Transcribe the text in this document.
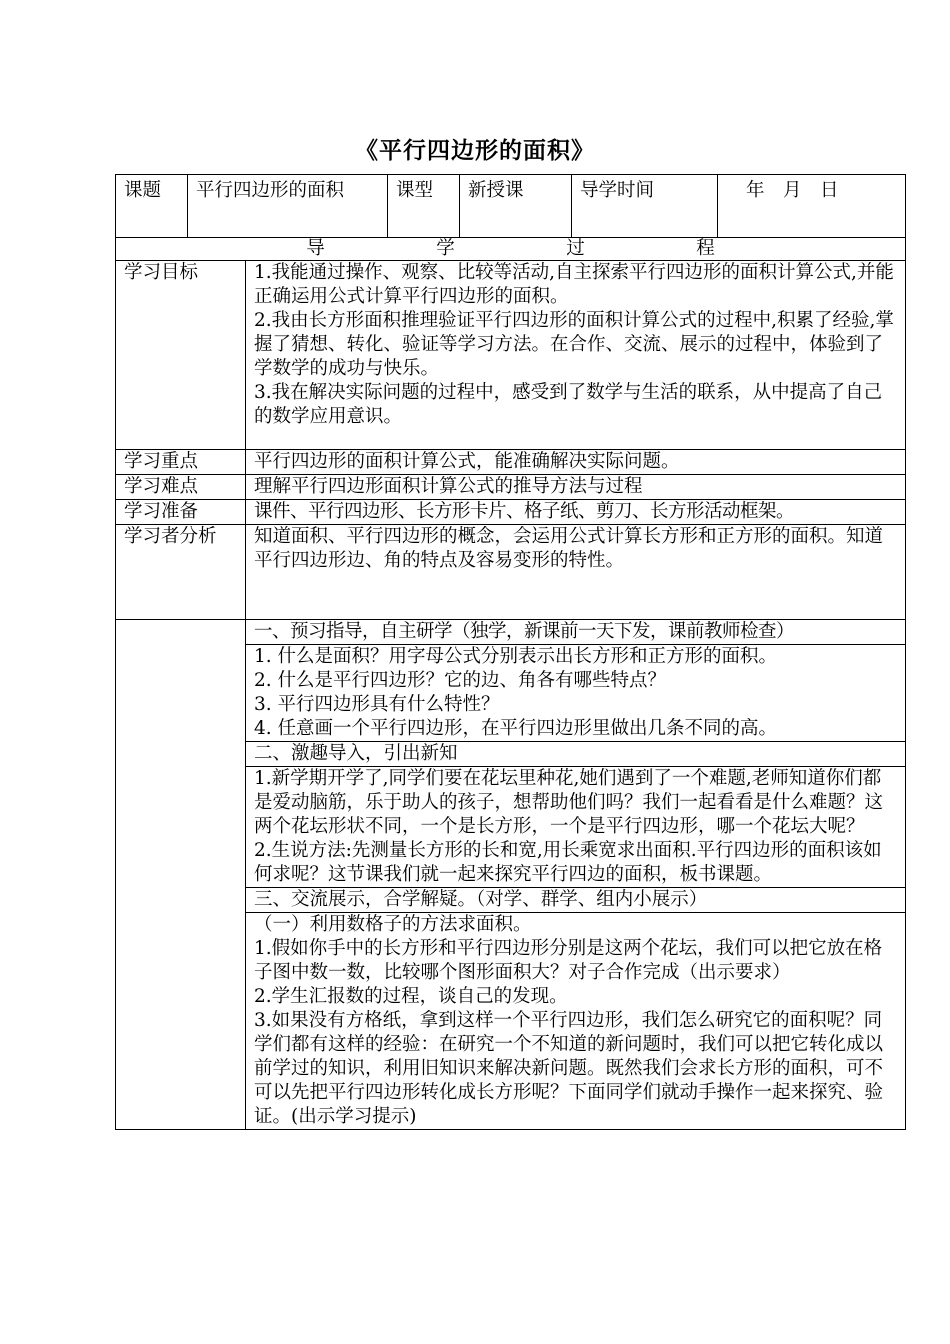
《平行四边形的面积》
课题	平行四边形的面积		课型	新授课	导学时间	年　月　日
导 学 过 程						
学习目标		1.我能通过操作、观察、比较等活动,自主探索平行四边形的面积计算公式,并能正确运用公式计算平行四边形的面积。

2.我由长方形面积推理验证平行四边形的面积计算公式的过程中,积累了经验,掌握了猜想、转化、验证等学习方法。在合作、交流、展示的过程中，体验到了学数学的成功与快乐。

3.我在解决实际问题的过程中，感受到了数学与生活的联系，从中提高了自己的数学应用意识。				

学习重点		平行四边形的面积计算公式，能准确解决实际问题。				
学习难点		理解平行四边形面积计算公式的推导方法与过程				
学习准备		课件、平行四边形、长方形卡片、格子纸、剪刀、长方形活动框架。				
学习者分析		知道面积、平行四边形的概念，会运用公式计算长方形和正方形的面积。知道平行四边形边、角的特点及容易变形的特性。				
		一、预习指导，自主研学（独学，新课前一天下发，课前教师检查）				

		1. 什么是面积？用字母公式分别表示出长方形和正方形的面积。

2. 什么是平行四边形？它的边、角各有哪些特点？

3. 平行四边形具有什么特性？

4. 任意画一个平行四边形，在平行四边形里做出几条不同的高。				

		二、激趣导入，引出新知				

		1.新学期开学了,同学们要在花坛里种花,她们遇到了一个难题,老师知道你们都是爱动脑筋，乐于助人的孩子，想帮助他们吗？我们一起看看是什么难题？这两个花坛形状不同，一个是长方形，一个是平行四边形，哪一个花坛大呢？

2.生说方法:先测量长方形的长和宽,用长乘宽求出面积.平行四边形的面积该如何求呢？这节课我们就一起来探究平行四边的面积，板书课题。				

		三、交流展示，合学解疑。（对学、群学、组内小展示）				

		（一）利用数格子的方法求面积。

1.假如你手中的长方形和平行四边形分别是这两个花坛，我们可以把它放在格子图中数一数，比较哪个图形面积大？对子合作完成（出示要求）

2.学生汇报数的过程，谈自己的发现。

3.如果没有方格纸，拿到这样一个平行四边形，我们怎么研究它的面积呢？同学们都有这样的经验：在研究一个不知道的新问题时，我们可以把它转化成以前学过的知识，利用旧知识来解决新问题。既然我们会求长方形的面积，可不可以先把平行四边形转化成长方形呢？下面同学们就动手操作一起来探究、验证。(出示学习提示)				
